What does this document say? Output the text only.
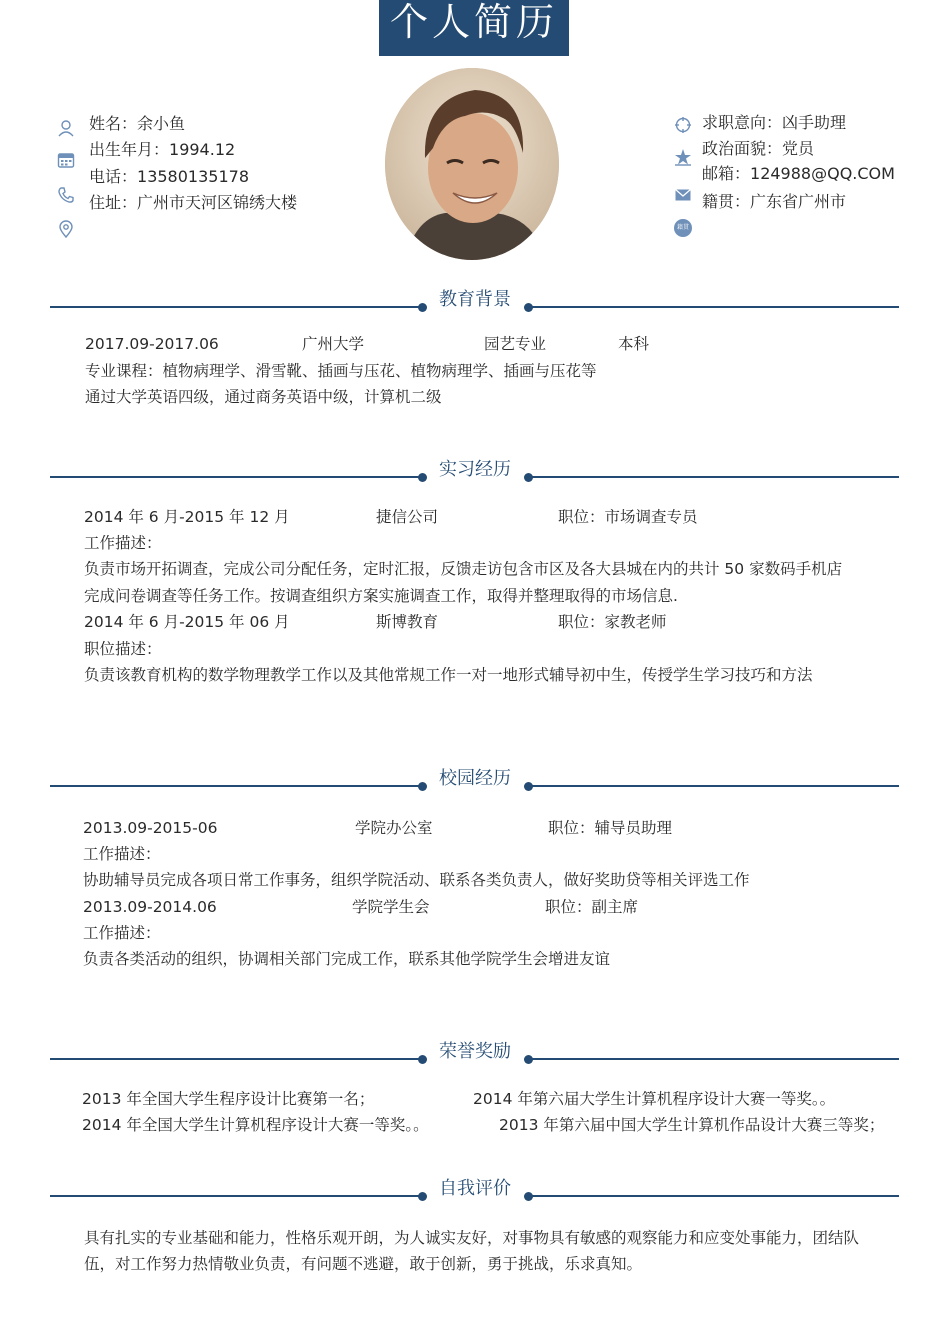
个人简历
姓名：余小鱼
出生年月：1994.12
电话：13580135178
住址：广州市天河区锦绣大楼
籍贯
求职意向：凶手助理
政治面貌：党员
邮箱：124988@QQ.COM
籍贯：广东省广州市
教育背景
2017.09-2017.06	广州大学	园艺专业	本科
专业课程：植物病理学、滑雪靴、插画与压花、植物病理学、插画与压花等
通过大学英语四级，通过商务英语中级，计算机二级
实习经历
2014 年 6 月-2015 年 12 月	捷信公司	职位：市场调查专员
工作描述：
负责市场开拓调查，完成公司分配任务，定时汇报，反馈走访包含市区及各大县城在内的共计 50 家数码手机店
完成问卷调查等任务工作。按调查组织方案实施调查工作，取得并整理取得的市场信息.
2014 年 6 月-2015 年 06 月	斯博教育	职位：家教老师
职位描述：
负责该教育机构的数学物理教学工作以及其他常规工作一对一地形式辅导初中生，传授学生学习技巧和方法
校园经历
2013.09-2015-06	学院办公室	职位：辅导员助理
工作描述：
协助辅导员完成各项日常工作事务，组织学院活动、联系各类负责人，做好奖助贷等相关评选工作
2013.09-2014.06	学院学生会	职位：副主席
工作描述：
负责各类活动的组织，协调相关部门完成工作，联系其他学院学生会增进友谊
荣誉奖励
2013 年全国大学生程序设计比赛第一名；	2014 年第六届大学生计算机程序设计大赛一等奖。。
2014 年全国大学生计算机程序设计大赛一等奖。。	2013 年第六届中国大学生计算机作品设计大赛三等奖；
自我评价
具有扎实的专业基础和能力，性格乐观开朗，为人诚实友好，对事物具有敏感的观察能力和应变处事能力，团结队
伍，对工作努力热情敬业负责，有问题不逃避，敢于创新，勇于挑战，乐求真知。
